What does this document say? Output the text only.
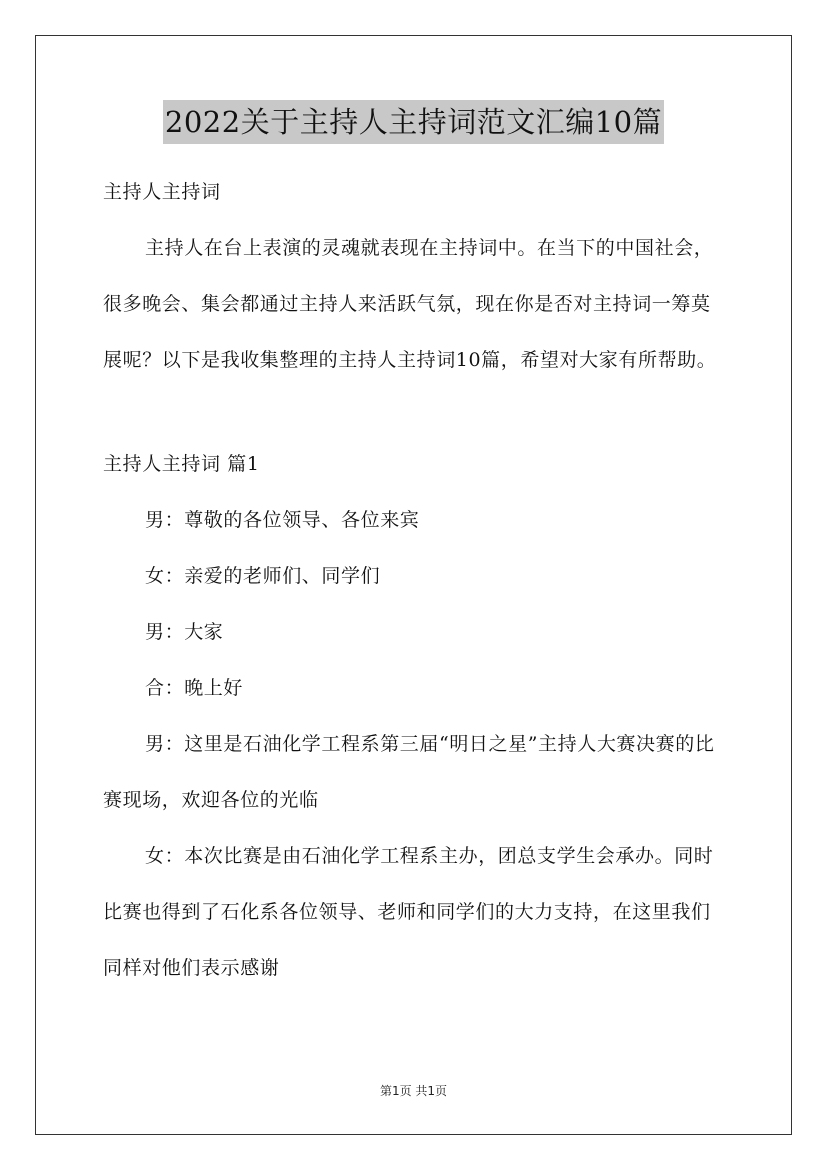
2022关于主持人主持词范文汇编10篇

主持人主持词

主持人在台上表演的灵魂就表现在主持词中。在当下的中国社会，很多晚会、集会都通过主持人来活跃气氛，现在你是否对主持词一筹莫展呢？以下是我收集整理的主持人主持词10篇，希望对大家有所帮助。

主持人主持词 篇1

男：尊敬的各位领导、各位来宾

女：亲爱的老师们、同学们

男：大家

合：晚上好

男：这里是石油化学工程系第三届“明日之星”主持人大赛决赛的比赛现场，欢迎各位的光临

女：本次比赛是由石油化学工程系主办，团总支学生会承办。同时比赛也得到了石化系各位领导、老师和同学们的大力支持，在这里我们同样对他们表示感谢

第1页 共1页
